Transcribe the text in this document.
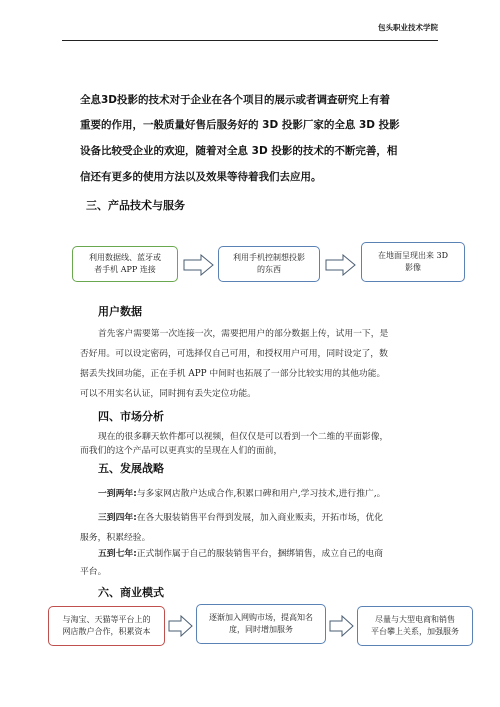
包头职业技术学院
全息3D投影的技术对于企业在各个项目的展示或者调查研究上有着
重要的作用，一般质量好售后服务好的 3D 投影厂家的全息 3D 投影
设备比较受企业的欢迎，随着对全息 3D 投影的技术的不断完善，相
信还有更多的使用方法以及效果等待着我们去应用。
三、产品技术与服务
利用数据线、蓝牙或
者手机 APP 连接
利用手机控制想投影
的东西
在地面呈现出来 3D
影像
用户数据
首先客户需要第一次连接一次，需要把用户的部分数据上传，试用一下，是
否好用。可以设定密码，可选择仅自己可用，和授权用户可用，同时设定了，数
据丢失找回功能，正在手机 APP 中间时也拓展了一部分比较实用的其他功能。
可以不用实名认证，同时拥有丢失定位功能。
四、市场分析
现在的很多聊天软件都可以视频，但仅仅是可以看到一个二维的平面影像，
而我们的这个产品可以更真实的呈现在人们的面前，
五、发展战略
一到两年:与多家网店散户达成合作,积累口碑和用户,学习技术,进行推广,。
三到四年:在各大服装销售平台得到发展，加入商业贩卖，开拓市场，优化
服务，积累经验。
五到七年:正式制作属于自己的服装销售平台，捆绑销售，成立自己的电商
平台。
六、商业模式
与淘宝、天猫等平台上的
网店散户合作，积累资本
逐渐加入网购市场，提高知名
度，同时增加服务
尽量与大型电商和销售
平台攀上关系，加强服务
